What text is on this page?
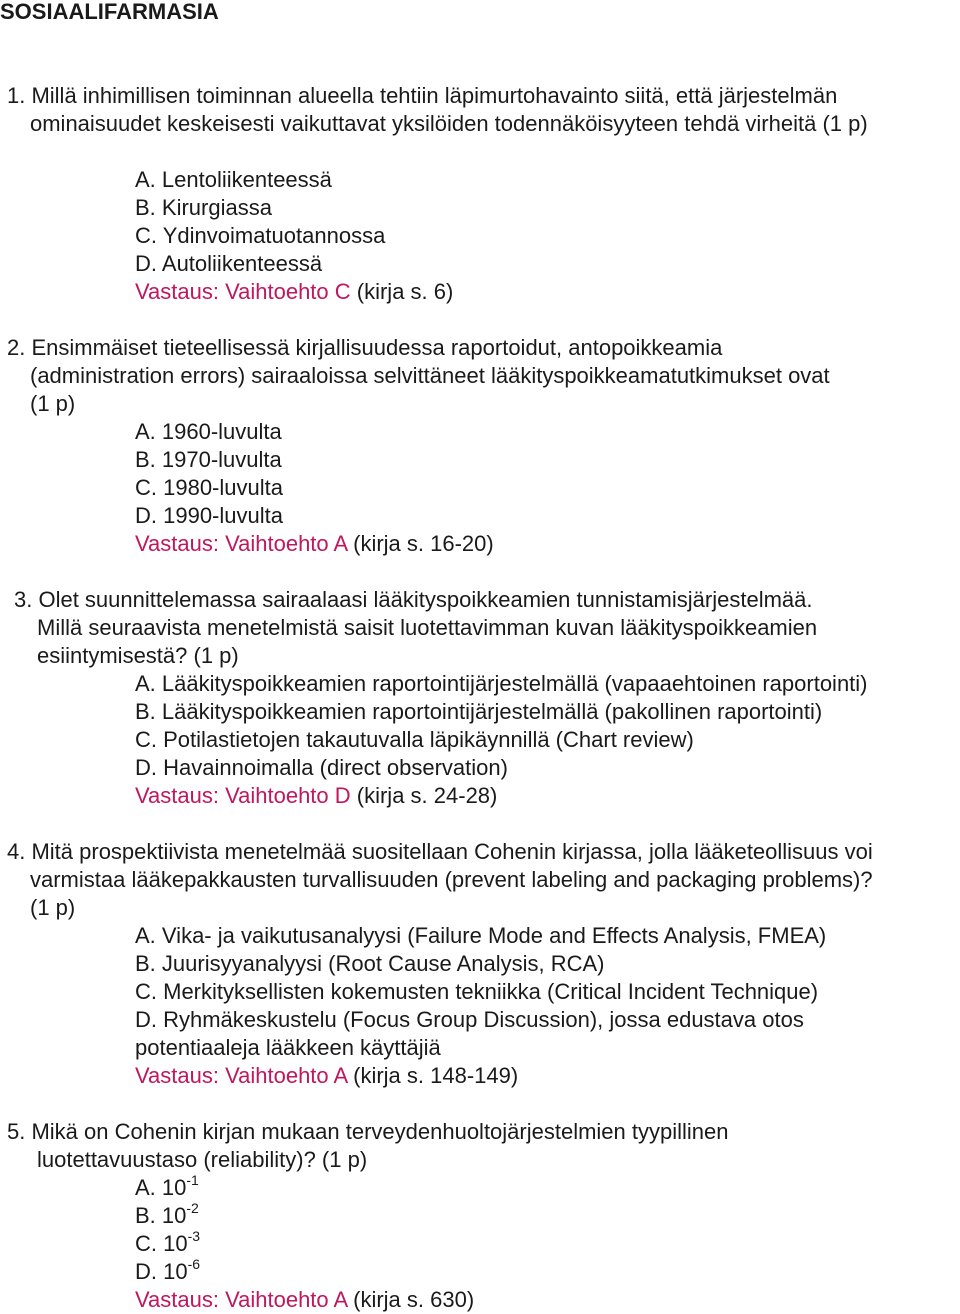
SOSIAALIFARMASIA
1. Millä inhimillisen toiminnan alueella tehtiin läpimurtohavainto siitä, että järjestelmän
ominaisuudet keskeisesti vaikuttavat yksilöiden todennäköisyyteen tehdä virheitä (1 p)
A. Lentoliikenteessä
B. Kirurgiassa
C. Ydinvoimatuotannossa
D. Autoliikenteessä
Vastaus: Vaihtoehto C (kirja s. 6)
2. Ensimmäiset tieteellisessä kirjallisuudessa raportoidut, antopoikkeamia
(administration errors) sairaaloissa selvittäneet lääkityspoikkeamatutkimukset ovat
(1 p)
A. 1960-luvulta
B. 1970-luvulta
C. 1980-luvulta
D. 1990-luvulta
Vastaus: Vaihtoehto A (kirja s. 16-20)
3. Olet suunnittelemassa sairaalaasi lääkityspoikkeamien tunnistamisjärjestelmää.
Millä seuraavista menetelmistä saisit luotettavimman kuvan lääkityspoikkeamien
esiintymisestä? (1 p)
A. Lääkityspoikkeamien raportointijärjestelmällä (vapaaehtoinen raportointi)
B. Lääkityspoikkeamien raportointijärjestelmällä (pakollinen raportointi)
C. Potilastietojen takautuvalla läpikäynnillä (Chart review)
D. Havainnoimalla (direct observation)
Vastaus: Vaihtoehto D (kirja s. 24-28)
4. Mitä prospektiivista menetelmää suositellaan Cohenin kirjassa, jolla lääketeollisuus voi
varmistaa lääkepakkausten turvallisuuden (prevent labeling and packaging problems)?
(1 p)
A. Vika- ja vaikutusanalyysi (Failure Mode and Effects Analysis, FMEA)
B. Juurisyyanalyysi (Root Cause Analysis, RCA)
C. Merkityksellisten kokemusten tekniikka (Critical Incident Technique)
D. Ryhmäkeskustelu (Focus Group Discussion), jossa edustava otos
potentiaaleja lääkkeen käyttäjiä
Vastaus: Vaihtoehto A (kirja s. 148-149)
5. Mikä on Cohenin kirjan mukaan terveydenhuoltojärjestelmien tyypillinen
luotettavuustaso (reliability)? (1 p)
A. $10^{-1}$
B. $10^{-2}$
C. $10^{-3}$
D. $10^{-6}$
Vastaus: Vaihtoehto A (kirja s. 630)
